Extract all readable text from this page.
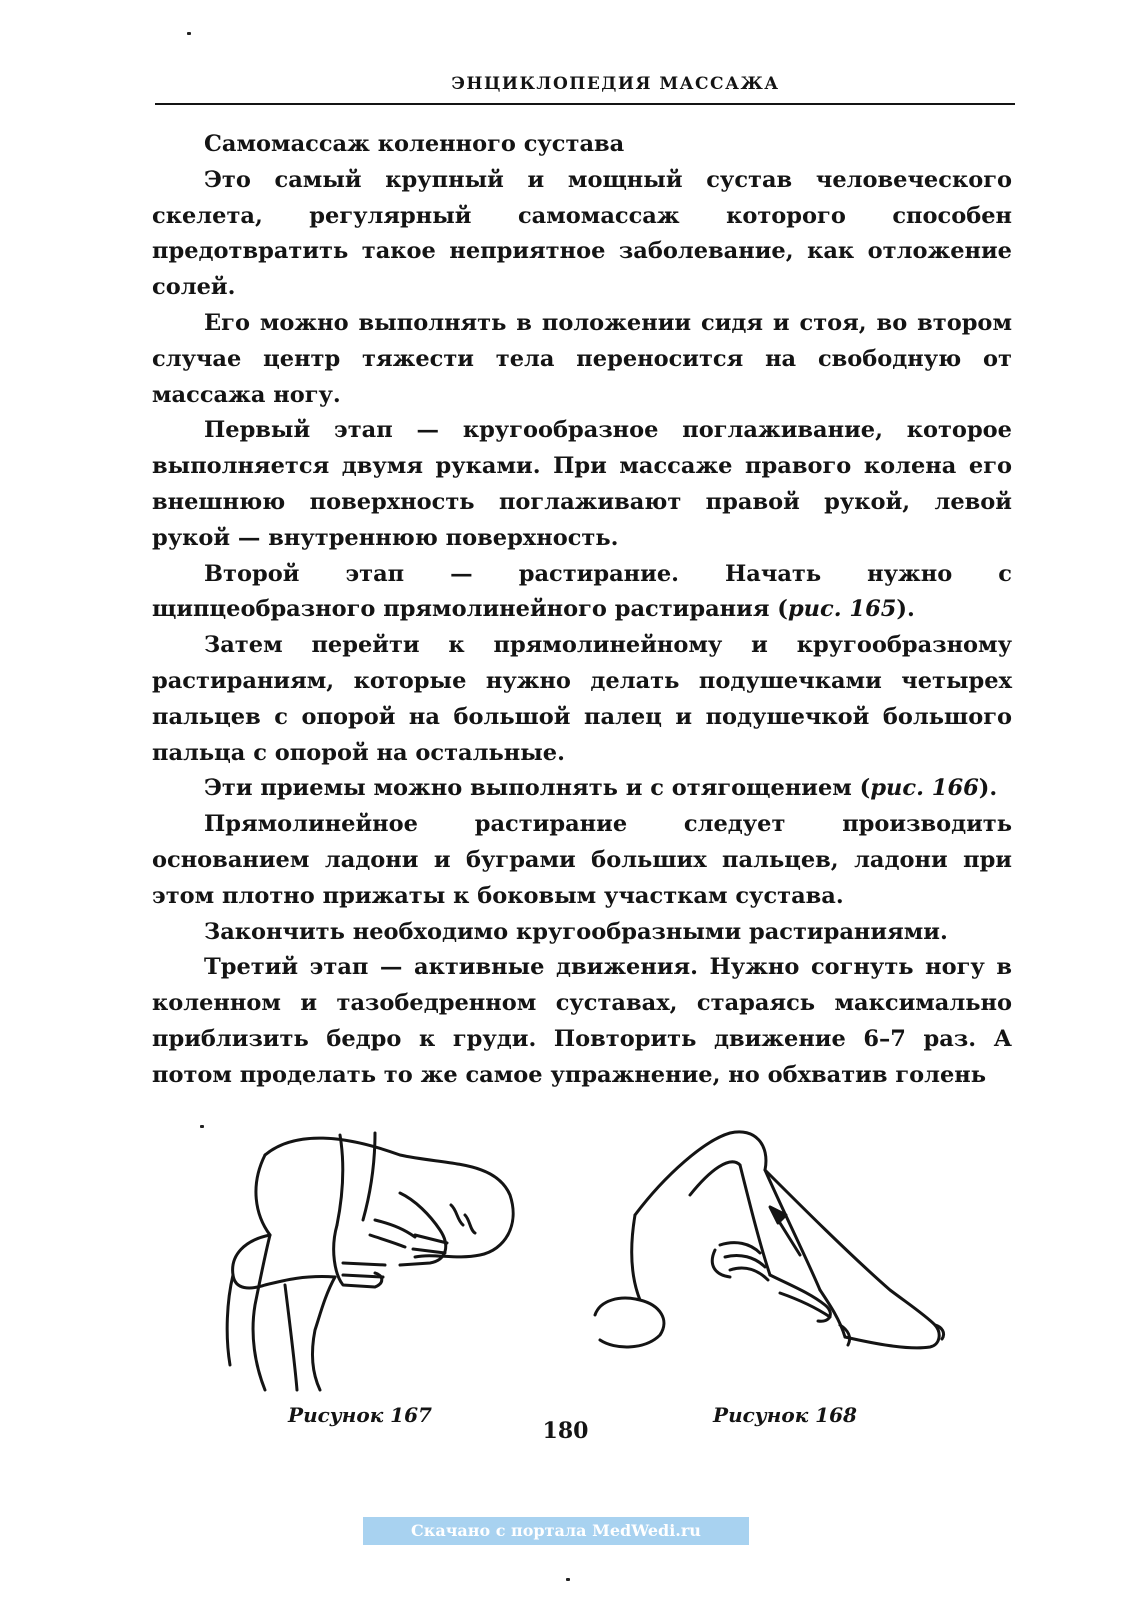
ЭНЦИКЛОПЕДИЯ МАССАЖА

Самомассаж коленного сустава

Это самый крупный и мощный сустав человеческого скелета, регулярный самомассаж которого способен предотвратить такое неприятное заболевание, как отложение солей.

Его можно выполнять в положении сидя и стоя, во втором случае центр тяжести тела переносится на свободную от массажа ногу.

Первый этап — кругообразное поглаживание, которое выполняется двумя руками. При массаже правого колена его внешнюю поверхность поглаживают правой рукой, левой рукой — внутреннюю поверхность.

Второй этап — растирание. Начать нужно с щипцеобразного прямолинейного растирания (рис. 165).

Затем перейти к прямолинейному и кругообразному растираниям, которые нужно делать подушечками четырех пальцев с опорой на большой палец и подушечкой большого пальца с опорой на остальные.

Эти приемы можно выполнять и с отягощением (рис. 166).

Прямолинейное растирание следует производить основанием ладони и буграми больших пальцев, ладони при этом плотно прижаты к боковым участкам сустава.

Закончить необходимо кругообразными растираниями.

Третий этап — активные движения. Нужно согнуть ногу в коленном и тазобедренном суставах, стараясь максимально приблизить бедро к груди. Повторить движение 6–7 раз. А потом проделать то же самое упражнение, но обхватив голень

Рисунок 167	Рисунок 168
180
Скачано с портала MedWedi.ru
